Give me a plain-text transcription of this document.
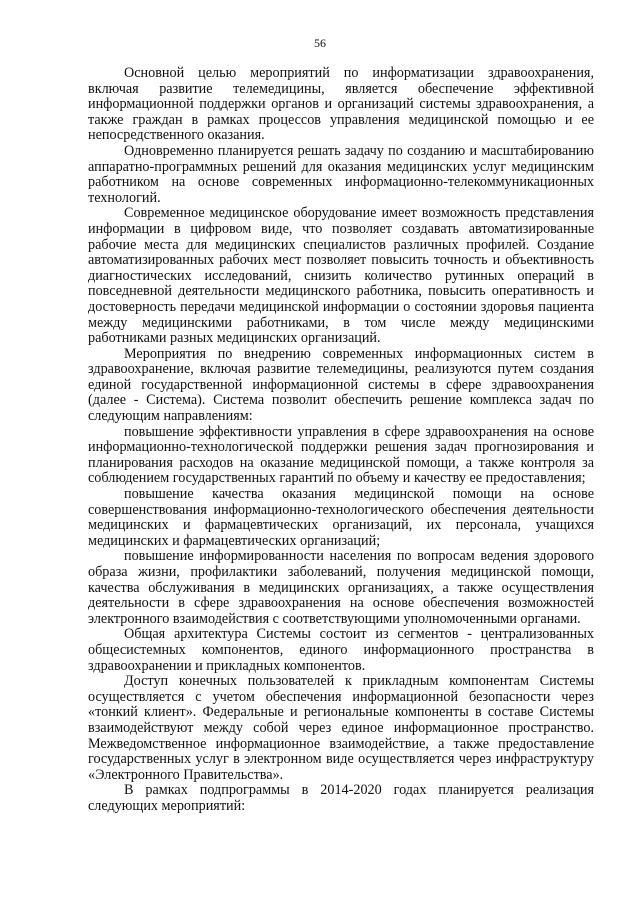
56

Основной целью мероприятий по информатизации здравоохранения, включая развитие телемедицины, является обеспечение эффективной информационной поддержки органов и организаций системы здравоохранения, а также граждан в рамках процессов управления медицинской помощью и ее непосредственного оказания.

Одновременно планируется решать задачу по созданию и масштабированию аппаратно-программных решений для оказания медицинских услуг медицинским работником на основе современных информационно-телекоммуникационных технологий.

Современное медицинское оборудование имеет возможность представления информации в цифровом виде, что позволяет создавать автоматизированные рабочие места для медицинских специалистов различных профилей. Создание автоматизированных рабочих мест позволяет повысить точность и объективность диагностических исследований, снизить количество рутинных операций в повседневной деятельности медицинского работника, повысить оперативность и достоверность передачи медицинской информации о состоянии здоровья пациента между медицинскими работниками, в том числе между медицинскими работниками разных медицинских организаций.

Мероприятия по внедрению современных информационных систем в здравоохранение, включая развитие телемедицины, реализуются путем создания единой государственной информационной системы в сфере здравоохранения (далее - Система). Система позволит обеспечить решение комплекса задач по следующим направлениям:

повышение эффективности управления в сфере здравоохранения на основе информационно-технологической поддержки решения задач прогнозирования и планирования расходов на оказание медицинской помощи, а также контроля за соблюдением государственных гарантий по объему и качеству ее предоставления;

повышение качества оказания медицинской помощи на основе совершенствования информационно-технологического обеспечения деятельности медицинских и фармацевтических организаций, их персонала, учащихся медицинских и фармацевтических организаций;

повышение информированности населения по вопросам ведения здорового образа жизни, профилактики заболеваний, получения медицинской помощи, качества обслуживания в медицинских организациях, а также осуществления деятельности в сфере здравоохранения на основе обеспечения возможностей электронного взаимодействия с соответствующими уполномоченными органами.

Общая архитектура Системы состоит из сегментов - централизованных общесистемных компонентов, единого информационного пространства в здравоохранении и прикладных компонентов.

Доступ конечных пользователей к прикладным компонентам Системы осуществляется с учетом обеспечения информационной безопасности через «тонкий клиент». Федеральные и региональные компоненты в составе Системы взаимодействуют между собой через единое информационное пространство. Межведомственное информационное взаимодействие, а также предоставление государственных услуг в электронном виде осуществляется через инфраструктуру «Электронного Правительства».

В рамках подпрограммы в 2014-2020 годах планируется реализация следующих мероприятий:
